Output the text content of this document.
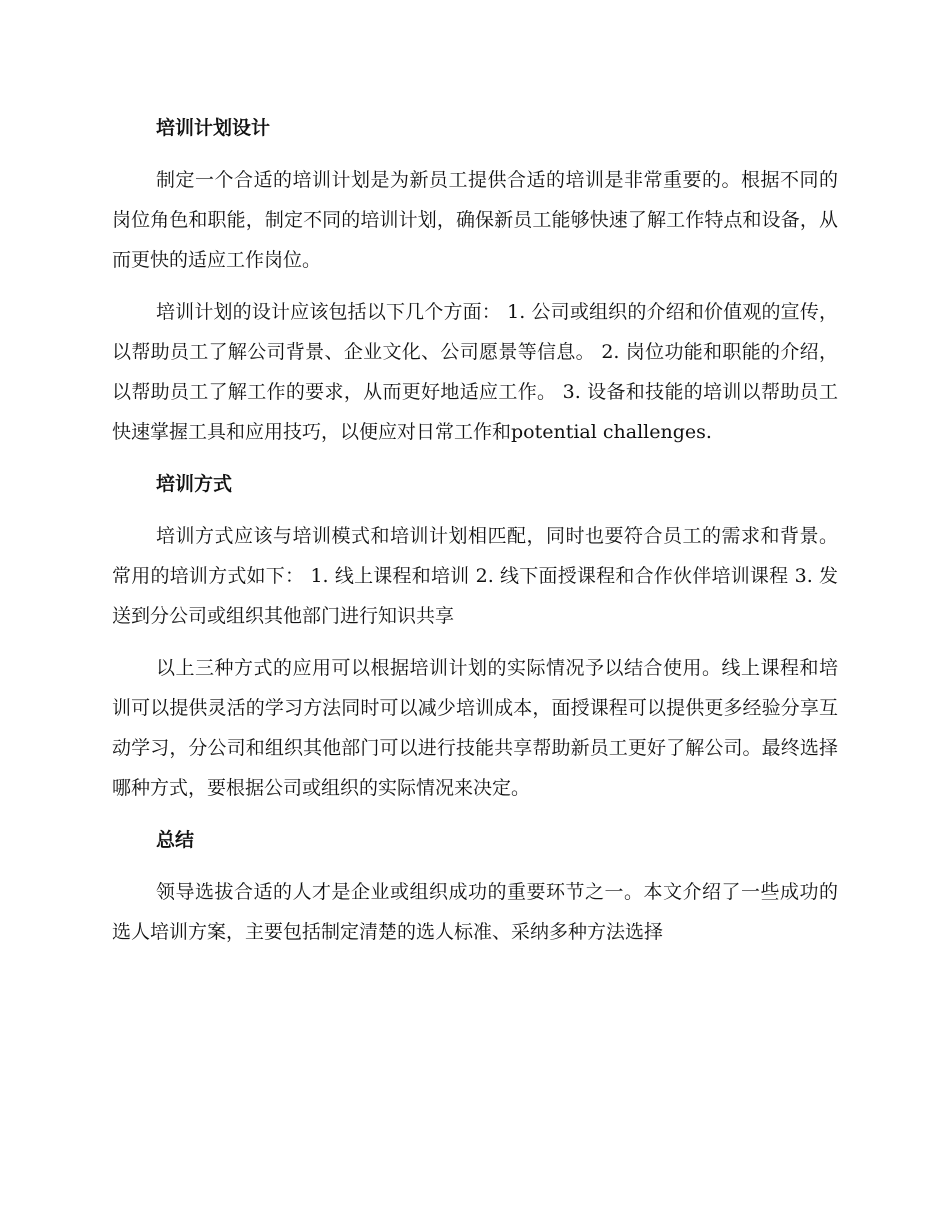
培训计划设计

制定一个合适的培训计划是为新员工提供合适的培训是非常重要的。根据不同的岗位角色和职能，制定不同的培训计划，确保新员工能够快速了解工作特点和设备，从而更快的适应工作岗位。

培训计划的设计应该包括以下几个方面： 1. 公司或组织的介绍和价值观的宣传，以帮助员工了解公司背景、企业文化、公司愿景等信息。 2. 岗位功能和职能的介绍，以帮助员工了解工作的要求，从而更好地适应工作。 3. 设备和技能的培训以帮助员工快速掌握工具和应用技巧，以便应对日常工作和potential challenges.

培训方式

培训方式应该与培训模式和培训计划相匹配，同时也要符合员工的需求和背景。常用的培训方式如下： 1. 线上课程和培训 2. 线下面授课程和合作伙伴培训课程 3. 发送到分公司或组织其他部门进行知识共享

以上三种方式的应用可以根据培训计划的实际情况予以结合使用。线上课程和培训可以提供灵活的学习方法同时可以减少培训成本，面授课程可以提供更多经验分享互动学习，分公司和组织其他部门可以进行技能共享帮助新员工更好了解公司。最终选择哪种方式，要根据公司或组织的实际情况来决定。

总结

领导选拔合适的人才是企业或组织成功的重要环节之一。本文介绍了一些成功的选人培训方案，主要包括制定清楚的选人标准、采纳多种方法选择
